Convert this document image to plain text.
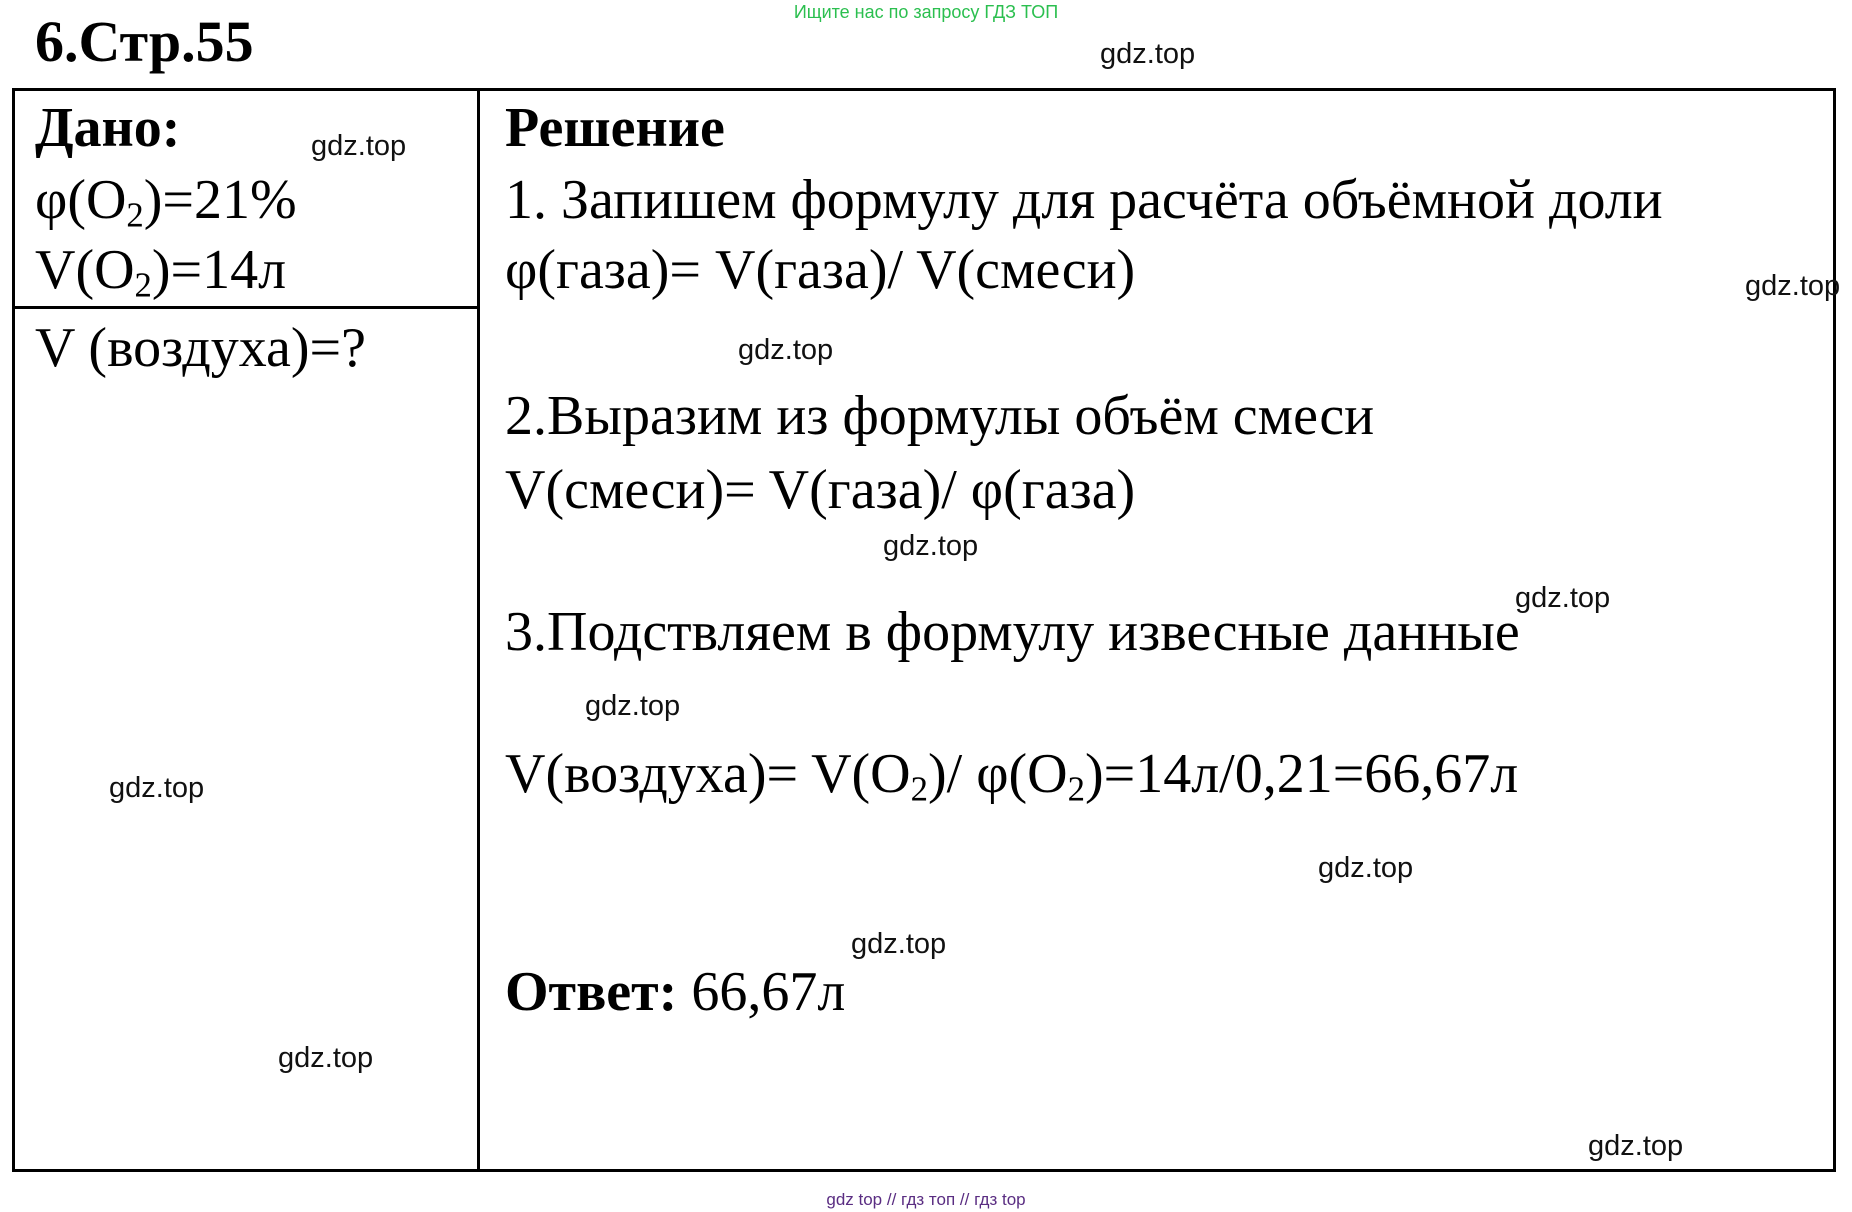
Ищите нас по запросу ГДЗ ТОП
6.Стр.55
Дано:
$\varphi(O_2)=21\%$
$V(O_2)=14л$
V (воздуха)=?
Решение
1. Запишем формулу для расчёта объёмной доли
φ(газа)= V(газа)/ V(смеси)
2.Выразим из формулы объём смеси
V(смеси)= V(газа)/ φ(газа)
3.Подствляем в формулу извесные данные
V(воздуха)= $V(O_2)/$ $\varphi(O_2)=14л/0,21=66,67л$
Ответ: 66,67л
gdz.top
gdz.top
gdz.top
gdz.top
gdz.top
gdz.top
gdz.top
gdz.top
gdz.top
gdz.top
gdz.top
gdz.top
gdz top // гдз топ // гдз top
